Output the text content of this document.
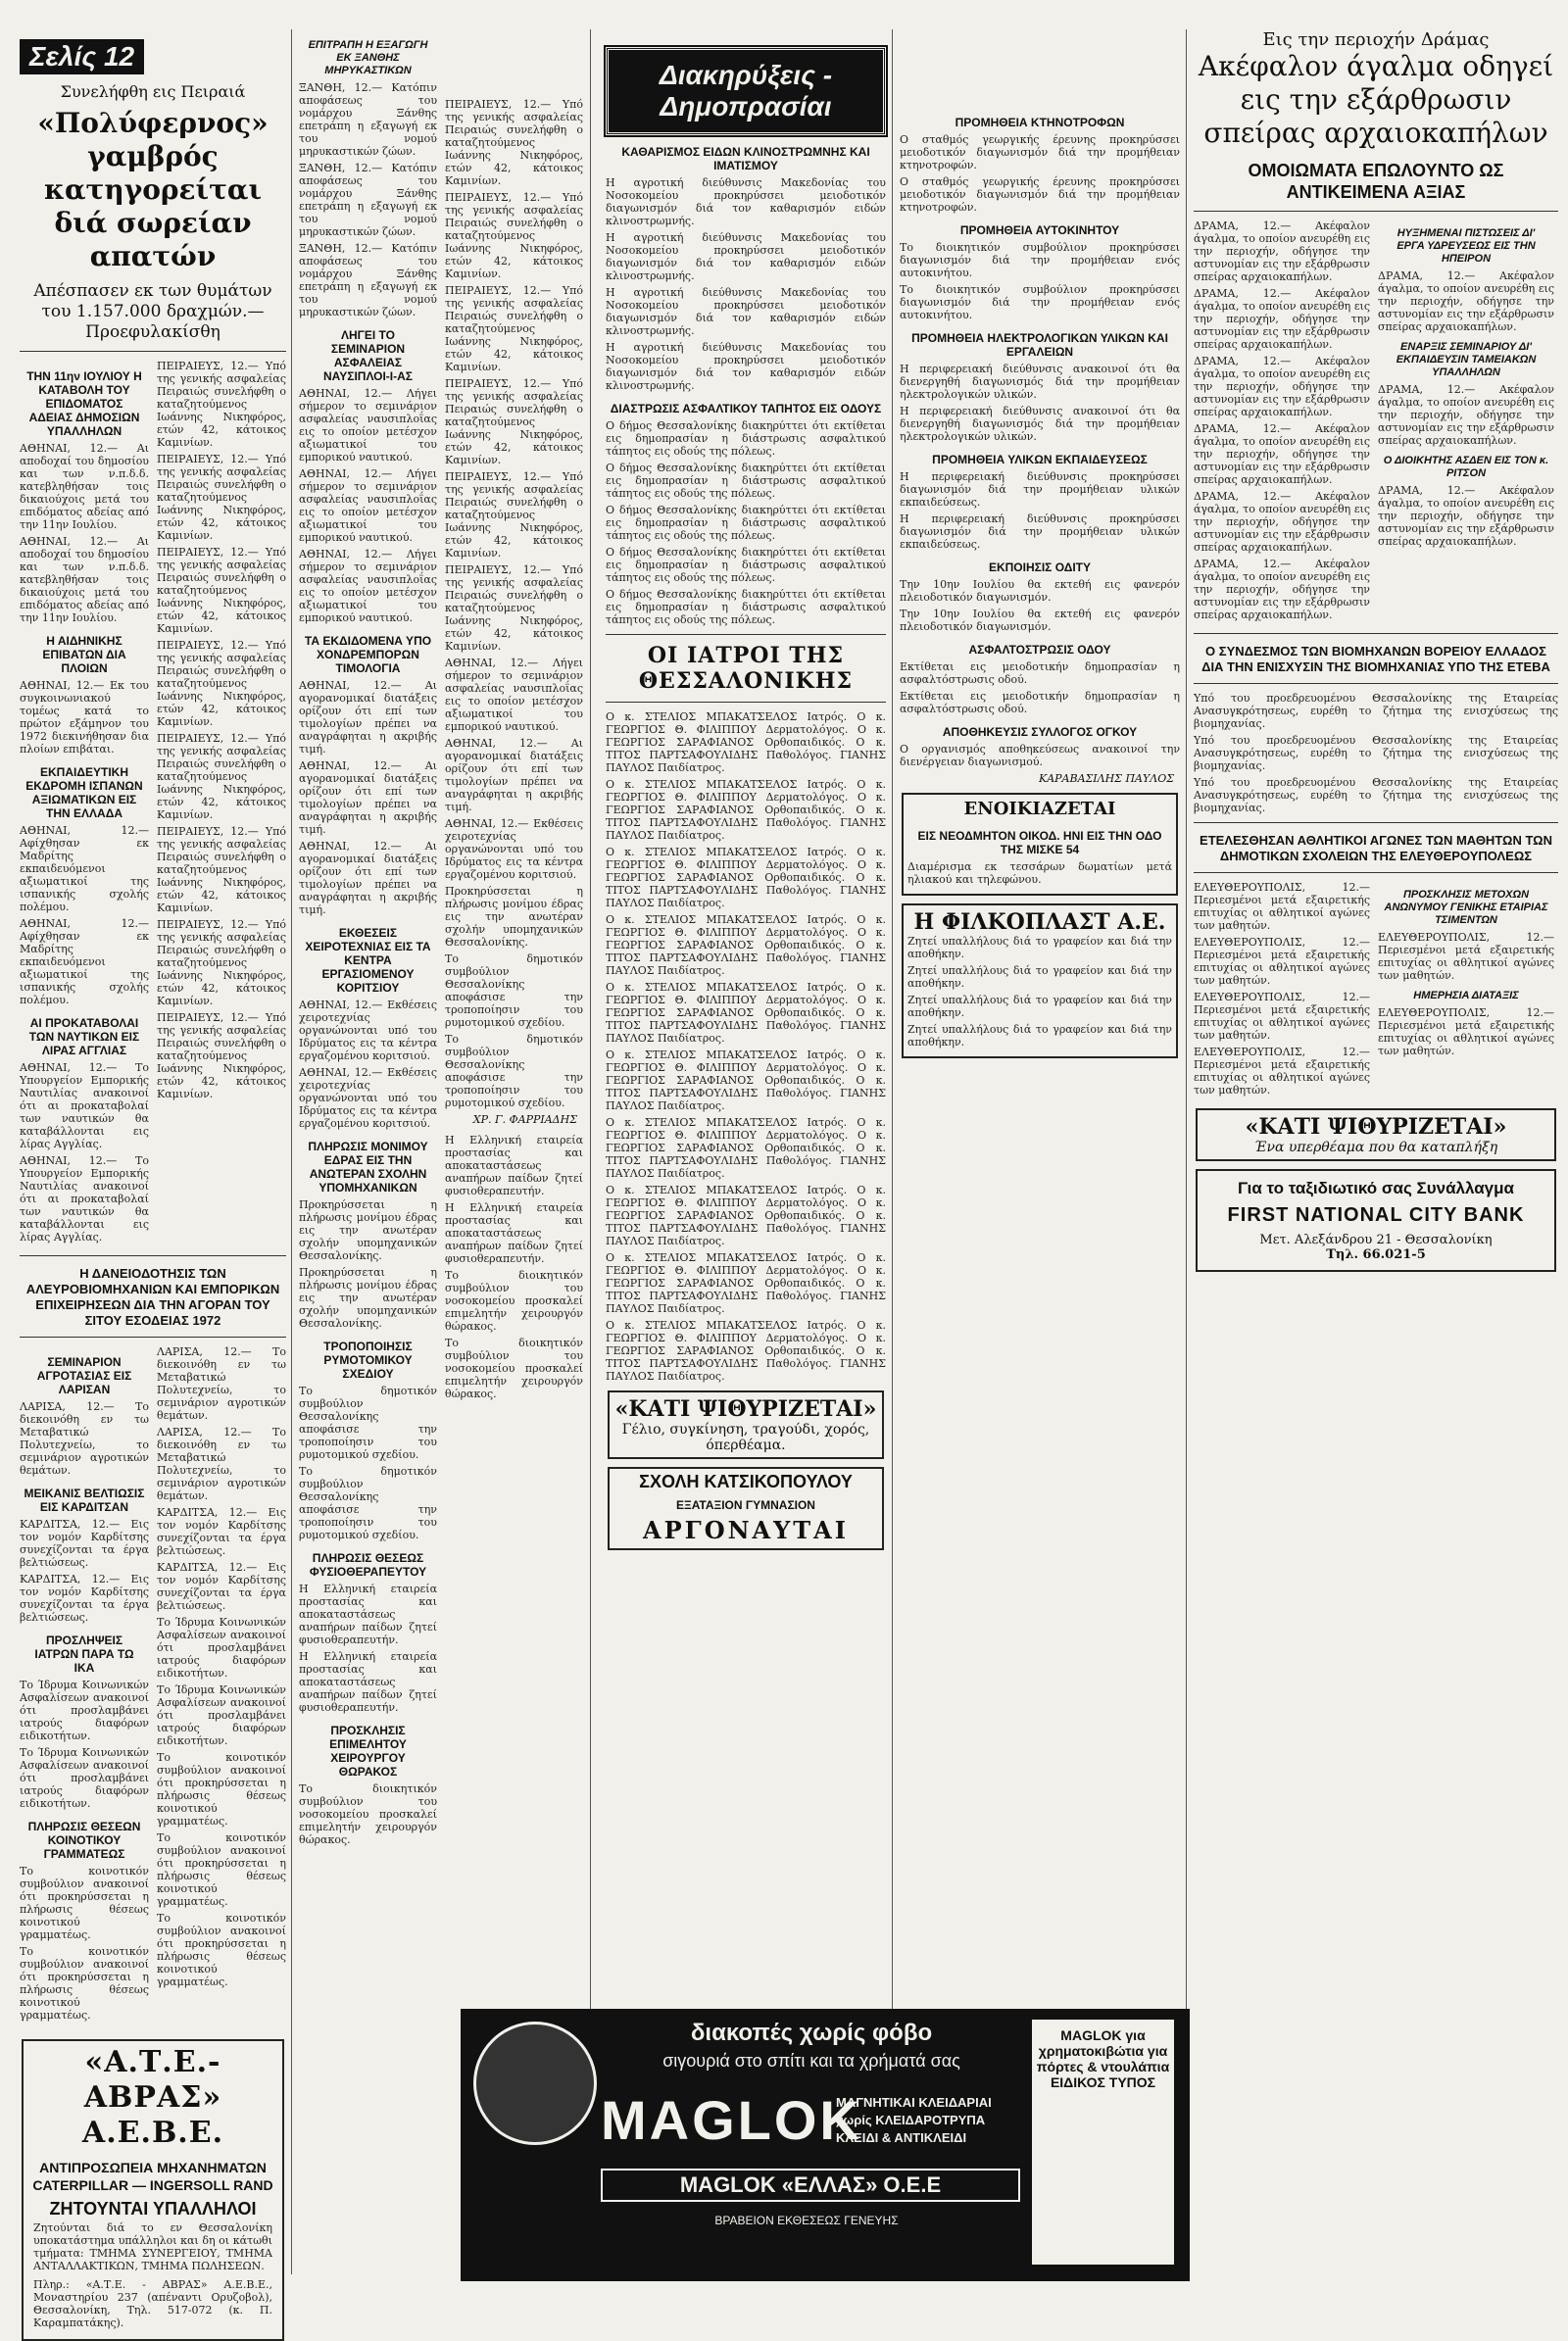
Σελίς 12
Συνελήφθη εις Πειραιά
«Πολύφερνος» γαμβρός κατηγορείται διά σωρείαν απατών
Απέσπασεν εκ των θυμάτων του 1.157.000 δραχμών.— Προεφυλακίσθη
ΤΗΝ 11ην ΙΟΥΛΙΟΥ Η ΚΑΤΑΒΟΛΗ ΤΟΥ ΕΠΙΔΟΜΑΤΟΣ ΑΔΕΙΑΣ ΔΗΜΟΣΙΩΝ ΥΠΑΛΛΗΛΩΝ

ΑΘΗΝΑΙ, 12.— Αι αποδοχαί του δημοσίου και των ν.π.δ.δ. κατεβληθήσαν τοις δικαιούχοις μετά του επιδόματος αδείας από την 11ην Ιουλίου.

ΑΘΗΝΑΙ, 12.— Αι αποδοχαί του δημοσίου και των ν.π.δ.δ. κατεβληθήσαν τοις δικαιούχοις μετά του επιδόματος αδείας από την 11ην Ιουλίου.

Η ΑΙΔΗΝΙΚΗΣ ΕΠΙΒΑΤΩΝ ΔΙΑ ΠΛΟΙΩΝ

ΑΘΗΝΑΙ, 12.— Εκ του συγκοινωνιακού τομέως κατά το πρώτον εξάμηνον του 1972 διεκινήθησαν δια πλοίων επιβάται.

ΕΚΠΑΙΔΕΥΤΙΚΗ ΕΚΔΡΟΜΗ ΙΣΠΑΝΩΝ ΑΞΙΩΜΑΤΙΚΩΝ ΕΙΣ ΤΗΝ ΕΛΛΑΔΑ

ΑΘΗΝΑΙ, 12.— Αφίχθησαν εκ Μαδρίτης εκπαιδευόμενοι αξιωματικοί της ισπανικής σχολής πολέμου.

ΑΘΗΝΑΙ, 12.— Αφίχθησαν εκ Μαδρίτης εκπαιδευόμενοι αξιωματικοί της ισπανικής σχολής πολέμου.

ΑΙ ΠΡΟΚΑΤΑΒΟΛΑΙ ΤΩΝ ΝΑΥΤΙΚΩΝ ΕΙΣ ΛΙΡΑΣ ΑΓΓΛΙΑΣ

ΑΘΗΝΑΙ, 12.— Το Υπουργείον Εμπορικής Ναυτιλίας ανακοινοί ότι αι προκαταβολαί των ναυτικών θα καταβάλλονται εις λίρας Αγγλίας.

ΑΘΗΝΑΙ, 12.— Το Υπουργείον Εμπορικής Ναυτιλίας ανακοινοί ότι αι προκαταβολαί των ναυτικών θα καταβάλλονται εις λίρας Αγγλίας.

ΠΕΙΡΑΙΕΥΣ, 12.— Υπό της γενικής ασφαλείας Πειραιώς συνελήφθη ο καταζητούμενος Ιωάννης Νικηφόρος, ετών 42, κάτοικος Καμινίων.

ΠΕΙΡΑΙΕΥΣ, 12.— Υπό της γενικής ασφαλείας Πειραιώς συνελήφθη ο καταζητούμενος Ιωάννης Νικηφόρος, ετών 42, κάτοικος Καμινίων.

ΠΕΙΡΑΙΕΥΣ, 12.— Υπό της γενικής ασφαλείας Πειραιώς συνελήφθη ο καταζητούμενος Ιωάννης Νικηφόρος, ετών 42, κάτοικος Καμινίων.

ΠΕΙΡΑΙΕΥΣ, 12.— Υπό της γενικής ασφαλείας Πειραιώς συνελήφθη ο καταζητούμενος Ιωάννης Νικηφόρος, ετών 42, κάτοικος Καμινίων.

ΠΕΙΡΑΙΕΥΣ, 12.— Υπό της γενικής ασφαλείας Πειραιώς συνελήφθη ο καταζητούμενος Ιωάννης Νικηφόρος, ετών 42, κάτοικος Καμινίων.

ΠΕΙΡΑΙΕΥΣ, 12.— Υπό της γενικής ασφαλείας Πειραιώς συνελήφθη ο καταζητούμενος Ιωάννης Νικηφόρος, ετών 42, κάτοικος Καμινίων.

ΠΕΙΡΑΙΕΥΣ, 12.— Υπό της γενικής ασφαλείας Πειραιώς συνελήφθη ο καταζητούμενος Ιωάννης Νικηφόρος, ετών 42, κάτοικος Καμινίων.

ΠΕΙΡΑΙΕΥΣ, 12.— Υπό της γενικής ασφαλείας Πειραιώς συνελήφθη ο καταζητούμενος Ιωάννης Νικηφόρος, ετών 42, κάτοικος Καμινίων.

Η ΔΑΝΕΙΟΔΟΤΗΣΙΣ ΤΩΝ ΑΛΕΥΡΟΒΙΟΜΗΧΑΝΙΩΝ ΚΑΙ ΕΜΠΟΡΙΚΩΝ ΕΠΙΧΕΙΡΗΣΕΩΝ ΔΙΑ ΤΗΝ ΑΓΟΡΑΝ ΤΟΥ ΣΙΤΟΥ ΕΣΟΔΕΙΑΣ 1972
ΣΕΜΙΝΑΡΙΟΝ ΑΓΡΟΤΑΣΙΑΣ ΕΙΣ ΛΑΡΙΣΑΝ

ΛΑΡΙΣΑ, 12.— Το διεκοινόθη εν τω Μεταβατικώ Πολυτεχνείω, το σεμινάριον αγροτικών θεμάτων.

ΜΕΙΚΑΝΙΣ ΒΕΛΤΙΩΣΙΣ ΕΙΣ ΚΑΡΔΙΤΣΑΝ

ΚΑΡΔΙΤΣΑ, 12.— Εις τον νομόν Καρδίτσης συνεχίζονται τα έργα βελτιώσεως.

ΚΑΡΔΙΤΣΑ, 12.— Εις τον νομόν Καρδίτσης συνεχίζονται τα έργα βελτιώσεως.

ΠΡΟΣΛΗΨΕΙΣ ΙΑΤΡΩΝ ΠΑΡΑ ΤΩ ΙΚΑ

Το Ίδρυμα Κοινωνικών Ασφαλίσεων ανακοινοί ότι προσλαμβάνει ιατρούς διαφόρων ειδικοτήτων.

Το Ίδρυμα Κοινωνικών Ασφαλίσεων ανακοινοί ότι προσλαμβάνει ιατρούς διαφόρων ειδικοτήτων.

ΠΛΗΡΩΣΙΣ ΘΕΣΕΩΝ ΚΟΙΝΟΤΙΚΟΥ ΓΡΑΜΜΑΤΕΩΣ

Το κοινοτικόν συμβούλιον ανακοινοί ότι προκηρύσσεται η πλήρωσις θέσεως κοινοτικού γραμματέως.

Το κοινοτικόν συμβούλιον ανακοινοί ότι προκηρύσσεται η πλήρωσις θέσεως κοινοτικού γραμματέως.

ΛΑΡΙΣΑ, 12.— Το διεκοινόθη εν τω Μεταβατικώ Πολυτεχνείω, το σεμινάριον αγροτικών θεμάτων.

ΛΑΡΙΣΑ, 12.— Το διεκοινόθη εν τω Μεταβατικώ Πολυτεχνείω, το σεμινάριον αγροτικών θεμάτων.

ΚΑΡΔΙΤΣΑ, 12.— Εις τον νομόν Καρδίτσης συνεχίζονται τα έργα βελτιώσεως.

ΚΑΡΔΙΤΣΑ, 12.— Εις τον νομόν Καρδίτσης συνεχίζονται τα έργα βελτιώσεως.

Το Ίδρυμα Κοινωνικών Ασφαλίσεων ανακοινοί ότι προσλαμβάνει ιατρούς διαφόρων ειδικοτήτων.

Το Ίδρυμα Κοινωνικών Ασφαλίσεων ανακοινοί ότι προσλαμβάνει ιατρούς διαφόρων ειδικοτήτων.

Το κοινοτικόν συμβούλιον ανακοινοί ότι προκηρύσσεται η πλήρωσις θέσεως κοινοτικού γραμματέως.

Το κοινοτικόν συμβούλιον ανακοινοί ότι προκηρύσσεται η πλήρωσις θέσεως κοινοτικού γραμματέως.

Το κοινοτικόν συμβούλιον ανακοινοί ότι προκηρύσσεται η πλήρωσις θέσεως κοινοτικού γραμματέως.

«Α.Τ.Ε.-ΑΒΡΑΣ» Α.Ε.Β.Ε.
ΑΝΤΙΠΡΟΣΩΠΕΙΑ ΜΗΧΑΝΗΜΑΤΩΝ
CATERPILLAR — INGERSOLL RAND
ΖΗΤΟΥΝΤΑΙ ΥΠΑΛΛΗΛΟΙ

Ζητούνται διά το εν Θεσσαλονίκη υποκατάστημα υπάλληλοι και δη οι κάτωθι τμήματα: ΤΜΗΜΑ ΣΥΝΕΡΓΕΙΟΥ, ΤΜΗΜΑ ΑΝΤΑΛΛΑΚΤΙΚΩΝ, ΤΜΗΜΑ ΠΩΛΗΣΕΩΝ.

Πληρ.: «Α.Τ.Ε. - ΑΒΡΑΣ» Α.Ε.Β.Ε., Μοναστηρίου 237 (απέναντι Ορυζοβολ), Θεσσαλονίκη, Τηλ. 517-072 (κ. Π. Καραμπατάκης).

ΕΠΙΤΡΑΠΗ Η ΕΞΑΓΩΓΗ ΕΚ ΞΑΝΘΗΣ ΜΗΡΥΚΑΣΤΙΚΩΝ

ΞΑΝΘΗ, 12.— Κατόπιν αποφάσεως του νομάρχου Ξάνθης επετράπη η εξαγωγή εκ του νομού μηρυκαστικών ζώων.

ΞΑΝΘΗ, 12.— Κατόπιν αποφάσεως του νομάρχου Ξάνθης επετράπη η εξαγωγή εκ του νομού μηρυκαστικών ζώων.

ΞΑΝΘΗ, 12.— Κατόπιν αποφάσεως του νομάρχου Ξάνθης επετράπη η εξαγωγή εκ του νομού μηρυκαστικών ζώων.

ΛΗΓΕΙ ΤΟ ΣΕΜΙΝΑΡΙΟΝ ΑΣΦΑΛΕΙΑΣ ΝΑΥΣΙΠΛΟΙ-Ι-ΑΣ

ΑΘΗΝΑΙ, 12.— Λήγει σήμερον το σεμινάριον ασφαλείας ναυσιπλοΐας εις το οποίον μετέσχον αξιωματικοί του εμπορικού ναυτικού.

ΑΘΗΝΑΙ, 12.— Λήγει σήμερον το σεμινάριον ασφαλείας ναυσιπλοΐας εις το οποίον μετέσχον αξιωματικοί του εμπορικού ναυτικού.

ΑΘΗΝΑΙ, 12.— Λήγει σήμερον το σεμινάριον ασφαλείας ναυσιπλοΐας εις το οποίον μετέσχον αξιωματικοί του εμπορικού ναυτικού.

ΤΑ ΕΚΔΙΔΟΜΕΝΑ ΥΠΟ ΧΟΝΔΡΕΜΠΟΡΩΝ ΤΙΜΟΛΟΓΙΑ

ΑΘΗΝΑΙ, 12.— Αι αγορανομικαί διατάξεις ορίζουν ότι επί των τιμολογίων πρέπει να αναγράφηται η ακριβής τιμή.

ΑΘΗΝΑΙ, 12.— Αι αγορανομικαί διατάξεις ορίζουν ότι επί των τιμολογίων πρέπει να αναγράφηται η ακριβής τιμή.

ΑΘΗΝΑΙ, 12.— Αι αγορανομικαί διατάξεις ορίζουν ότι επί των τιμολογίων πρέπει να αναγράφηται η ακριβής τιμή.

ΕΚΘΕΣΕΙΣ ΧΕΙΡΟΤΕΧΝΙΑΣ ΕΙΣ ΤΑ ΚΕΝΤΡΑ ΕΡΓΑΣΙΟΜΕΝΟΥ ΚΟΡΙΤΣΙΟΥ

ΑΘΗΝΑΙ, 12.— Εκθέσεις χειροτεχνίας οργανώνονται υπό του Ιδρύματος εις τα κέντρα εργαζομένου κοριτσιού.

ΑΘΗΝΑΙ, 12.— Εκθέσεις χειροτεχνίας οργανώνονται υπό του Ιδρύματος εις τα κέντρα εργαζομένου κοριτσιού.

ΠΛΗΡΩΣΙΣ ΜΟΝΙΜΟΥ ΕΔΡΑΣ ΕΙΣ ΤΗΝ ΑΝΩΤΕΡΑΝ ΣΧΟΛΗΝ ΥΠΟΜΗΧΑΝΙΚΩΝ

Προκηρύσσεται η πλήρωσις μονίμου έδρας εις την ανωτέραν σχολήν υπομηχανικών Θεσσαλονίκης.

Προκηρύσσεται η πλήρωσις μονίμου έδρας εις την ανωτέραν σχολήν υπομηχανικών Θεσσαλονίκης.

ΤΡΟΠΟΠΟΙΗΣΙΣ ΡΥΜΟΤΟΜΙΚΟΥ ΣΧΕΔΙΟΥ

Το δημοτικόν συμβούλιον Θεσσαλονίκης αποφάσισε την τροποποίησιν του ρυμοτομικού σχεδίου.

Το δημοτικόν συμβούλιον Θεσσαλονίκης αποφάσισε την τροποποίησιν του ρυμοτομικού σχεδίου.

ΠΛΗΡΩΣΙΣ ΘΕΣΕΩΣ ΦΥΣΙΟΘΕΡΑΠΕΥΤΟΥ

Η Ελληνική εταιρεία προστασίας και αποκαταστάσεως αναπήρων παίδων ζητεί φυσιοθεραπευτήν.

Η Ελληνική εταιρεία προστασίας και αποκαταστάσεως αναπήρων παίδων ζητεί φυσιοθεραπευτήν.

ΠΡΟΣΚΛΗΣΙΣ ΕΠΙΜΕΛΗΤΟΥ ΧΕΙΡΟΥΡΓΟΥ ΘΩΡΑΚΟΣ

Το διοικητικόν συμβούλιον του νοσοκομείου προσκαλεί επιμελητήν χειρουργόν θώρακος.

ΠΕΙΡΑΙΕΥΣ, 12.— Υπό της γενικής ασφαλείας Πειραιώς συνελήφθη ο καταζητούμενος Ιωάννης Νικηφόρος, ετών 42, κάτοικος Καμινίων.

ΠΕΙΡΑΙΕΥΣ, 12.— Υπό της γενικής ασφαλείας Πειραιώς συνελήφθη ο καταζητούμενος Ιωάννης Νικηφόρος, ετών 42, κάτοικος Καμινίων.

ΠΕΙΡΑΙΕΥΣ, 12.— Υπό της γενικής ασφαλείας Πειραιώς συνελήφθη ο καταζητούμενος Ιωάννης Νικηφόρος, ετών 42, κάτοικος Καμινίων.

ΠΕΙΡΑΙΕΥΣ, 12.— Υπό της γενικής ασφαλείας Πειραιώς συνελήφθη ο καταζητούμενος Ιωάννης Νικηφόρος, ετών 42, κάτοικος Καμινίων.

ΠΕΙΡΑΙΕΥΣ, 12.— Υπό της γενικής ασφαλείας Πειραιώς συνελήφθη ο καταζητούμενος Ιωάννης Νικηφόρος, ετών 42, κάτοικος Καμινίων.

ΠΕΙΡΑΙΕΥΣ, 12.— Υπό της γενικής ασφαλείας Πειραιώς συνελήφθη ο καταζητούμενος Ιωάννης Νικηφόρος, ετών 42, κάτοικος Καμινίων.

ΑΘΗΝΑΙ, 12.— Λήγει σήμερον το σεμινάριον ασφαλείας ναυσιπλοΐας εις το οποίον μετέσχον αξιωματικοί του εμπορικού ναυτικού.

ΑΘΗΝΑΙ, 12.— Αι αγορανομικαί διατάξεις ορίζουν ότι επί των τιμολογίων πρέπει να αναγράφηται η ακριβής τιμή.

ΑΘΗΝΑΙ, 12.— Εκθέσεις χειροτεχνίας οργανώνονται υπό του Ιδρύματος εις τα κέντρα εργαζομένου κοριτσιού.

Προκηρύσσεται η πλήρωσις μονίμου έδρας εις την ανωτέραν σχολήν υπομηχανικών Θεσσαλονίκης.

Το δημοτικόν συμβούλιον Θεσσαλονίκης αποφάσισε την τροποποίησιν του ρυμοτομικού σχεδίου.

Το δημοτικόν συμβούλιον Θεσσαλονίκης αποφάσισε την τροποποίησιν του ρυμοτομικού σχεδίου.

ΧΡ. Γ. ΦΑΡΡΙΑΔΗΣ

Η Ελληνική εταιρεία προστασίας και αποκαταστάσεως αναπήρων παίδων ζητεί φυσιοθεραπευτήν.

Η Ελληνική εταιρεία προστασίας και αποκαταστάσεως αναπήρων παίδων ζητεί φυσιοθεραπευτήν.

Το διοικητικόν συμβούλιον του νοσοκομείου προσκαλεί επιμελητήν χειρουργόν θώρακος.

Το διοικητικόν συμβούλιον του νοσοκομείου προσκαλεί επιμελητήν χειρουργόν θώρακος.

Διακηρύξεις - Δημοπρασίαι
ΚΑΘΑΡΙΣΜΟΣ ΕΙΔΩΝ ΚΛΙΝΟΣΤΡΩΜΝΗΣ ΚΑΙ ΙΜΑΤΙΣΜΟΥ

Η αγροτική διεύθυνσις Μακεδονίας του Νοσοκομείου προκηρύσσει μειοδοτικόν διαγωνισμόν διά τον καθαρισμόν ειδών κλινοστρωμνής.

Η αγροτική διεύθυνσις Μακεδονίας του Νοσοκομείου προκηρύσσει μειοδοτικόν διαγωνισμόν διά τον καθαρισμόν ειδών κλινοστρωμνής.

Η αγροτική διεύθυνσις Μακεδονίας του Νοσοκομείου προκηρύσσει μειοδοτικόν διαγωνισμόν διά τον καθαρισμόν ειδών κλινοστρωμνής.

Η αγροτική διεύθυνσις Μακεδονίας του Νοσοκομείου προκηρύσσει μειοδοτικόν διαγωνισμόν διά τον καθαρισμόν ειδών κλινοστρωμνής.

ΔΙΑΣΤΡΩΣΙΣ ΑΣΦΑΛΤΙΚΟΥ ΤΑΠΗΤΟΣ ΕΙΣ ΟΔΟΥΣ

Ο δήμος Θεσσαλονίκης διακηρύττει ότι εκτίθεται εις δημοπρασίαν η διάστρωσις ασφαλτικού τάπητος εις οδούς της πόλεως.

Ο δήμος Θεσσαλονίκης διακηρύττει ότι εκτίθεται εις δημοπρασίαν η διάστρωσις ασφαλτικού τάπητος εις οδούς της πόλεως.

Ο δήμος Θεσσαλονίκης διακηρύττει ότι εκτίθεται εις δημοπρασίαν η διάστρωσις ασφαλτικού τάπητος εις οδούς της πόλεως.

Ο δήμος Θεσσαλονίκης διακηρύττει ότι εκτίθεται εις δημοπρασίαν η διάστρωσις ασφαλτικού τάπητος εις οδούς της πόλεως.

Ο δήμος Θεσσαλονίκης διακηρύττει ότι εκτίθεται εις δημοπρασίαν η διάστρωσις ασφαλτικού τάπητος εις οδούς της πόλεως.

ΟΙ ΙΑΤΡΟΙ ΤΗΣ ΘΕΣΣΑΛΟΝΙΚΗΣ

Ο κ. ΣΤΕΛΙΟΣ ΜΠΑΚΑΤΣΕΛΟΣ Ιατρός. Ο κ. ΓΕΩΡΓΙΟΣ Θ. ΦΙΛΙΠΠΟΥ Δερματολόγος. Ο κ. ΓΕΩΡΓΙΟΣ ΣΑΡΑΦΙΑΝΟΣ Ορθοπαιδικός. Ο κ. ΤΙΤΟΣ ΠΑΡΤΣΑΦΟΥΛΙΔΗΣ Παθολόγος. ΓΙΑΝΗΣ ΠΑΥΛΟΣ Παιδίατρος.

Ο κ. ΣΤΕΛΙΟΣ ΜΠΑΚΑΤΣΕΛΟΣ Ιατρός. Ο κ. ΓΕΩΡΓΙΟΣ Θ. ΦΙΛΙΠΠΟΥ Δερματολόγος. Ο κ. ΓΕΩΡΓΙΟΣ ΣΑΡΑΦΙΑΝΟΣ Ορθοπαιδικός. Ο κ. ΤΙΤΟΣ ΠΑΡΤΣΑΦΟΥΛΙΔΗΣ Παθολόγος. ΓΙΑΝΗΣ ΠΑΥΛΟΣ Παιδίατρος.

Ο κ. ΣΤΕΛΙΟΣ ΜΠΑΚΑΤΣΕΛΟΣ Ιατρός. Ο κ. ΓΕΩΡΓΙΟΣ Θ. ΦΙΛΙΠΠΟΥ Δερματολόγος. Ο κ. ΓΕΩΡΓΙΟΣ ΣΑΡΑΦΙΑΝΟΣ Ορθοπαιδικός. Ο κ. ΤΙΤΟΣ ΠΑΡΤΣΑΦΟΥΛΙΔΗΣ Παθολόγος. ΓΙΑΝΗΣ ΠΑΥΛΟΣ Παιδίατρος.

Ο κ. ΣΤΕΛΙΟΣ ΜΠΑΚΑΤΣΕΛΟΣ Ιατρός. Ο κ. ΓΕΩΡΓΙΟΣ Θ. ΦΙΛΙΠΠΟΥ Δερματολόγος. Ο κ. ΓΕΩΡΓΙΟΣ ΣΑΡΑΦΙΑΝΟΣ Ορθοπαιδικός. Ο κ. ΤΙΤΟΣ ΠΑΡΤΣΑΦΟΥΛΙΔΗΣ Παθολόγος. ΓΙΑΝΗΣ ΠΑΥΛΟΣ Παιδίατρος.

Ο κ. ΣΤΕΛΙΟΣ ΜΠΑΚΑΤΣΕΛΟΣ Ιατρός. Ο κ. ΓΕΩΡΓΙΟΣ Θ. ΦΙΛΙΠΠΟΥ Δερματολόγος. Ο κ. ΓΕΩΡΓΙΟΣ ΣΑΡΑΦΙΑΝΟΣ Ορθοπαιδικός. Ο κ. ΤΙΤΟΣ ΠΑΡΤΣΑΦΟΥΛΙΔΗΣ Παθολόγος. ΓΙΑΝΗΣ ΠΑΥΛΟΣ Παιδίατρος.

Ο κ. ΣΤΕΛΙΟΣ ΜΠΑΚΑΤΣΕΛΟΣ Ιατρός. Ο κ. ΓΕΩΡΓΙΟΣ Θ. ΦΙΛΙΠΠΟΥ Δερματολόγος. Ο κ. ΓΕΩΡΓΙΟΣ ΣΑΡΑΦΙΑΝΟΣ Ορθοπαιδικός. Ο κ. ΤΙΤΟΣ ΠΑΡΤΣΑΦΟΥΛΙΔΗΣ Παθολόγος. ΓΙΑΝΗΣ ΠΑΥΛΟΣ Παιδίατρος.

Ο κ. ΣΤΕΛΙΟΣ ΜΠΑΚΑΤΣΕΛΟΣ Ιατρός. Ο κ. ΓΕΩΡΓΙΟΣ Θ. ΦΙΛΙΠΠΟΥ Δερματολόγος. Ο κ. ΓΕΩΡΓΙΟΣ ΣΑΡΑΦΙΑΝΟΣ Ορθοπαιδικός. Ο κ. ΤΙΤΟΣ ΠΑΡΤΣΑΦΟΥΛΙΔΗΣ Παθολόγος. ΓΙΑΝΗΣ ΠΑΥΛΟΣ Παιδίατρος.

Ο κ. ΣΤΕΛΙΟΣ ΜΠΑΚΑΤΣΕΛΟΣ Ιατρός. Ο κ. ΓΕΩΡΓΙΟΣ Θ. ΦΙΛΙΠΠΟΥ Δερματολόγος. Ο κ. ΓΕΩΡΓΙΟΣ ΣΑΡΑΦΙΑΝΟΣ Ορθοπαιδικός. Ο κ. ΤΙΤΟΣ ΠΑΡΤΣΑΦΟΥΛΙΔΗΣ Παθολόγος. ΓΙΑΝΗΣ ΠΑΥΛΟΣ Παιδίατρος.

Ο κ. ΣΤΕΛΙΟΣ ΜΠΑΚΑΤΣΕΛΟΣ Ιατρός. Ο κ. ΓΕΩΡΓΙΟΣ Θ. ΦΙΛΙΠΠΟΥ Δερματολόγος. Ο κ. ΓΕΩΡΓΙΟΣ ΣΑΡΑΦΙΑΝΟΣ Ορθοπαιδικός. Ο κ. ΤΙΤΟΣ ΠΑΡΤΣΑΦΟΥΛΙΔΗΣ Παθολόγος. ΓΙΑΝΗΣ ΠΑΥΛΟΣ Παιδίατρος.

Ο κ. ΣΤΕΛΙΟΣ ΜΠΑΚΑΤΣΕΛΟΣ Ιατρός. Ο κ. ΓΕΩΡΓΙΟΣ Θ. ΦΙΛΙΠΠΟΥ Δερματολόγος. Ο κ. ΓΕΩΡΓΙΟΣ ΣΑΡΑΦΙΑΝΟΣ Ορθοπαιδικός. Ο κ. ΤΙΤΟΣ ΠΑΡΤΣΑΦΟΥΛΙΔΗΣ Παθολόγος. ΓΙΑΝΗΣ ΠΑΥΛΟΣ Παιδίατρος.

«ΚΑΤΙ ΨΙΘΥΡΙΖΕΤΑΙ»
Γέλιο, συγκίνηση, τραγούδι, χορός, όπερθέαμα.
ΣΧΟΛΗ ΚΑΤΣΙΚΟΠΟΥΛΟΥ
ΕΞΑΤΑΞΙΟΝ ΓΥΜΝΑΣΙΟΝ
ΑΡΓΟΝΑΥΤΑΙ
ΠΡΟΜΗΘΕΙΑ ΚΤΗΝΟΤΡΟΦΩΝ

Ο σταθμός γεωργικής έρευνης προκηρύσσει μειοδοτικόν διαγωνισμόν διά την προμήθειαν κτηνοτροφών.

Ο σταθμός γεωργικής έρευνης προκηρύσσει μειοδοτικόν διαγωνισμόν διά την προμήθειαν κτηνοτροφών.

ΠΡΟΜΗΘΕΙΑ ΑΥΤΟΚΙΝΗΤΟΥ

Το διοικητικόν συμβούλιον προκηρύσσει διαγωνισμόν διά την προμήθειαν ενός αυτοκινήτου.

Το διοικητικόν συμβούλιον προκηρύσσει διαγωνισμόν διά την προμήθειαν ενός αυτοκινήτου.

ΠΡΟΜΗΘΕΙΑ ΗΛΕΚΤΡΟΛΟΓΙΚΩΝ ΥΛΙΚΩΝ ΚΑΙ ΕΡΓΑΛΕΙΩΝ

Η περιφερειακή διεύθυνσις ανακοινοί ότι θα διενεργηθή διαγωνισμός διά την προμήθειαν ηλεκτρολογικών υλικών.

Η περιφερειακή διεύθυνσις ανακοινοί ότι θα διενεργηθή διαγωνισμός διά την προμήθειαν ηλεκτρολογικών υλικών.

ΠΡΟΜΗΘΕΙΑ ΥΛΙΚΩΝ ΕΚΠΑΙΔΕΥΣΕΩΣ

Η περιφερειακή διεύθυνσις προκηρύσσει διαγωνισμόν διά την προμήθειαν υλικών εκπαιδεύσεως.

Η περιφερειακή διεύθυνσις προκηρύσσει διαγωνισμόν διά την προμήθειαν υλικών εκπαιδεύσεως.

ΕΚΠΟΙΗΣΙΣ ΟΔΙΤΥ

Την 10ην Ιουλίου θα εκτεθή εις φανερόν πλειοδοτικόν διαγωνισμόν.

Την 10ην Ιουλίου θα εκτεθή εις φανερόν πλειοδοτικόν διαγωνισμόν.

ΑΣΦΑΛΤΟΣΤΡΩΣΙΣ ΟΔΟΥ

Εκτίθεται εις μειοδοτικήν δημοπρασίαν η ασφαλτόστρωσις οδού.

Εκτίθεται εις μειοδοτικήν δημοπρασίαν η ασφαλτόστρωσις οδού.

ΑΠΟΘΗΚΕΥΣΙΣ ΣΥΛΛΟΓΟΣ ΟΓΚΟΥ

Ο οργανισμός αποθηκεύσεως ανακοινοί την διενέργειαν διαγωνισμού.

ΚΑΡΑΒΑΣΙΛΗΣ ΠΑΥΛΟΣ
ΕΝΟΙΚΙΑΖΕΤΑΙ
ΕΙΣ ΝΕΟΔΜΗΤΟΝ ΟΙΚΟΔ. ΗΝΙ ΕΙΣ ΤΗΝ ΟΔΟ ΤΗΣ ΜΙΣΚΕ 54

Διαμέρισμα εκ τεσσάρων δωματίων μετά ηλιακού και τηλεφώνου.

Η ΦΙΛΚΟΠΛΑΣΤ Α.Ε.

Ζητεί υπαλλήλους διά το γραφείον και διά την αποθήκην.

Ζητεί υπαλλήλους διά το γραφείον και διά την αποθήκην.

Ζητεί υπαλλήλους διά το γραφείον και διά την αποθήκην.

Ζητεί υπαλλήλους διά το γραφείον και διά την αποθήκην.

Εις την περιοχήν Δράμας
Ακέφαλον άγαλμα οδηγεί εις την εξάρθρωσιν σπείρας αρχαιοκαπήλων
ΟΜΟΙΩΜΑΤΑ ΕΠΩΛΟΥΝΤΟ ΩΣ ΑΝΤΙΚΕΙΜΕΝΑ ΑΞΙΑΣ

ΔΡΑΜΑ, 12.— Ακέφαλον άγαλμα, το οποίον ανευρέθη εις την περιοχήν, οδήγησε την αστυνομίαν εις την εξάρθρωσιν σπείρας αρχαιοκαπήλων.

ΔΡΑΜΑ, 12.— Ακέφαλον άγαλμα, το οποίον ανευρέθη εις την περιοχήν, οδήγησε την αστυνομίαν εις την εξάρθρωσιν σπείρας αρχαιοκαπήλων.

ΔΡΑΜΑ, 12.— Ακέφαλον άγαλμα, το οποίον ανευρέθη εις την περιοχήν, οδήγησε την αστυνομίαν εις την εξάρθρωσιν σπείρας αρχαιοκαπήλων.

ΔΡΑΜΑ, 12.— Ακέφαλον άγαλμα, το οποίον ανευρέθη εις την περιοχήν, οδήγησε την αστυνομίαν εις την εξάρθρωσιν σπείρας αρχαιοκαπήλων.

ΔΡΑΜΑ, 12.— Ακέφαλον άγαλμα, το οποίον ανευρέθη εις την περιοχήν, οδήγησε την αστυνομίαν εις την εξάρθρωσιν σπείρας αρχαιοκαπήλων.

ΔΡΑΜΑ, 12.— Ακέφαλον άγαλμα, το οποίον ανευρέθη εις την περιοχήν, οδήγησε την αστυνομίαν εις την εξάρθρωσιν σπείρας αρχαιοκαπήλων.

ΗΥΞΗΜΕΝΑΙ ΠΙΣΤΩΣΕΙΣ ΔΙ' ΕΡΓΑ ΥΔΡΕΥΣΕΩΣ ΕΙΣ ΤΗΝ ΗΠΕΙΡΟΝ

ΔΡΑΜΑ, 12.— Ακέφαλον άγαλμα, το οποίον ανευρέθη εις την περιοχήν, οδήγησε την αστυνομίαν εις την εξάρθρωσιν σπείρας αρχαιοκαπήλων.

ΕΝΑΡΞΙΣ ΣΕΜΙΝΑΡΙΟΥ ΔΙ' ΕΚΠΑΙΔΕΥΣΙΝ ΤΑΜΕΙΑΚΩΝ ΥΠΑΛΛΗΛΩΝ

ΔΡΑΜΑ, 12.— Ακέφαλον άγαλμα, το οποίον ανευρέθη εις την περιοχήν, οδήγησε την αστυνομίαν εις την εξάρθρωσιν σπείρας αρχαιοκαπήλων.

Ο ΔΙΟΙΚΗΤΗΣ ΑΣΔΕΝ ΕΙΣ ΤΟΝ κ. ΡΙΤΣΟΝ

ΔΡΑΜΑ, 12.— Ακέφαλον άγαλμα, το οποίον ανευρέθη εις την περιοχήν, οδήγησε την αστυνομίαν εις την εξάρθρωσιν σπείρας αρχαιοκαπήλων.

Ο ΣΥΝΔΕΣΜΟΣ ΤΩΝ ΒΙΟΜΗΧΑΝΩΝ ΒΟΡΕΙΟΥ ΕΛΛΑΔΟΣ ΔΙΑ ΤΗΝ ΕΝΙΣΧΥΣΙΝ ΤΗΣ ΒΙΟΜΗΧΑΝΙΑΣ ΥΠΟ ΤΗΣ ΕΤΕΒΑ

Υπό του προεδρευομένου Θεσσαλονίκης της Εταιρείας Ανασυγκρότησεως, ευρέθη το ζήτημα της ενισχύσεως της βιομηχανίας.

Υπό του προεδρευομένου Θεσσαλονίκης της Εταιρείας Ανασυγκρότησεως, ευρέθη το ζήτημα της ενισχύσεως της βιομηχανίας.

Υπό του προεδρευομένου Θεσσαλονίκης της Εταιρείας Ανασυγκρότησεως, ευρέθη το ζήτημα της ενισχύσεως της βιομηχανίας.

ΕΤΕΛΕΣΘΗΣΑΝ ΑΘΛΗΤΙΚΟΙ ΑΓΩΝΕΣ ΤΩΝ ΜΑΘΗΤΩΝ ΤΩΝ ΔΗΜΟΤΙΚΩΝ ΣΧΟΛΕΙΩΝ ΤΗΣ ΕΛΕΥΘΕΡΟΥΠΟΛΕΩΣ

ΕΛΕΥΘΕΡΟΥΠΟΛΙΣ, 12.— Περιεσμένοι μετά εξαιρετικής επιτυχίας οι αθλητικοί αγώνες των μαθητών.

ΕΛΕΥΘΕΡΟΥΠΟΛΙΣ, 12.— Περιεσμένοι μετά εξαιρετικής επιτυχίας οι αθλητικοί αγώνες των μαθητών.

ΕΛΕΥΘΕΡΟΥΠΟΛΙΣ, 12.— Περιεσμένοι μετά εξαιρετικής επιτυχίας οι αθλητικοί αγώνες των μαθητών.

ΕΛΕΥΘΕΡΟΥΠΟΛΙΣ, 12.— Περιεσμένοι μετά εξαιρετικής επιτυχίας οι αθλητικοί αγώνες των μαθητών.

ΠΡΟΣΚΛΗΣΙΣ ΜΕΤΟΧΩΝ ΑΝΩΝΥΜΟΥ ΓΕΝΙΚΗΣ ΕΤΑΙΡΙΑΣ ΤΣΙΜΕΝΤΩΝ

ΕΛΕΥΘΕΡΟΥΠΟΛΙΣ, 12.— Περιεσμένοι μετά εξαιρετικής επιτυχίας οι αθλητικοί αγώνες των μαθητών.

ΗΜΕΡΗΣΙΑ ΔΙΑΤΑΞΙΣ

ΕΛΕΥΘΕΡΟΥΠΟΛΙΣ, 12.— Περιεσμένοι μετά εξαιρετικής επιτυχίας οι αθλητικοί αγώνες των μαθητών.

«ΚΑΤΙ ΨΙΘΥΡΙΖΕΤΑΙ»
Ένα υπερθέαμα που θα καταπλήξη
Για το ταξιδιωτικό σας Συνάλλαγμα
FIRST NATIONAL CITY BANK
Μετ. Αλεξάνδρου 21 - Θεσσαλονίκη
Τηλ. 66.021-5
διακοπές χωρίς φόβο
σιγουριά στο σπίτι και τα χρήματά σας
MAGLOK
ΜΑΓΝΗΤΙΚΑΙ ΚΛΕΙΔΑΡΙΑΙ
χωρίς ΚΛΕΙΔΑΡΟΤΡΥΠΑ
ΚΛΕΙΔΙ & ΑΝΤΙΚΛΕΙΔΙ
MAGLOK «ΕΛΛΑΣ» Ο.Ε.Ε
ΒΡΑΒΕΙΟΝ ΕΚΘΕΣΕΩΣ ΓΕΝΕΥΗΣ
MAGLOK για χρηματοκιβώτια για πόρτες & ντουλάπια ΕΙΔΙΚΟΣ ΤΥΠΟΣ
